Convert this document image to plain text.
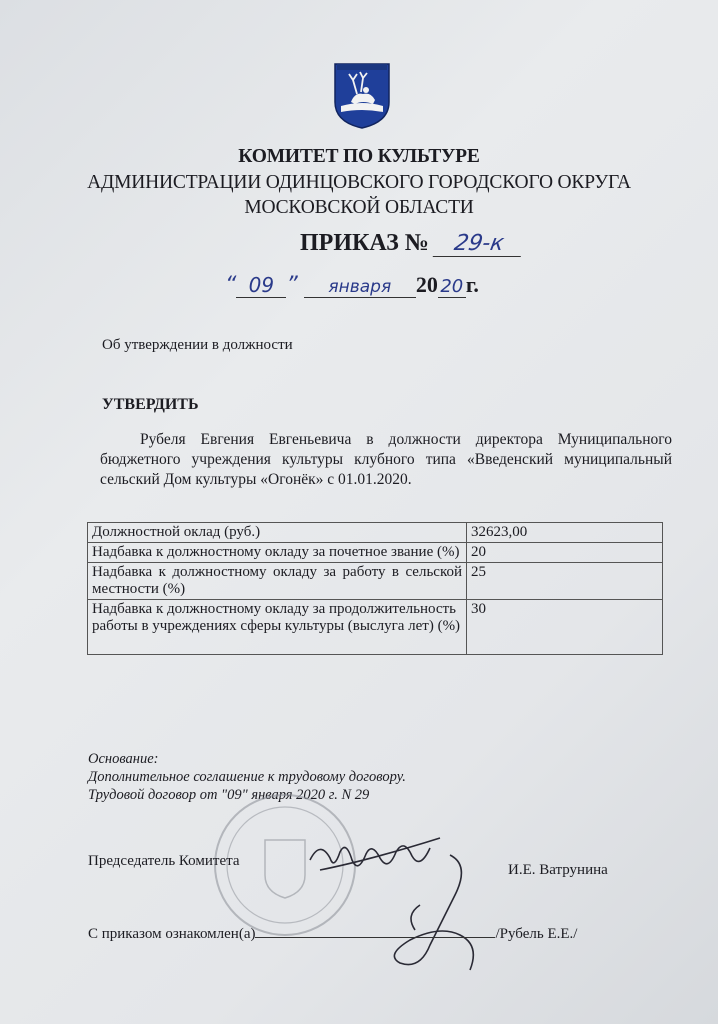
КОМИТЕТ ПО КУЛЬТУРЕ
АДМИНИСТРАЦИИ ОДИНЦОВСКОГО ГОРОДСКОГО ОКРУГА
МОСКОВСКОЙ ОБЛАСТИ
ПРИКАЗ № 29-к
“ 09 ” января 20 20 г.
Об утверждении в должности
УТВЕРДИТЬ
Рубеля Евгения Евгеньевича в должности директора Муниципального бюджетного учреждения культуры клубного типа «Введенский муниципальный сельский Дом культуры «Огонёк» с 01.01.2020.
Должностной оклад (руб.)	32623,00
Надбавка к должностному окладу за почетное звание (%)	20
Надбавка к должностному окладу за работу в сельской местности (%)	25
Надбавка к должностному окладу за продолжительность работы в учреждениях сферы культуры (выслуга лет) (%)	30
Основание:
Дополнительное соглашение к трудовому договору.
Трудовой договор от "09" января 2020 г. N 29
Председатель Комитета
И.Е. Ватрунина
С приказом ознакомлен(а)	/Рубель Е.Е./
